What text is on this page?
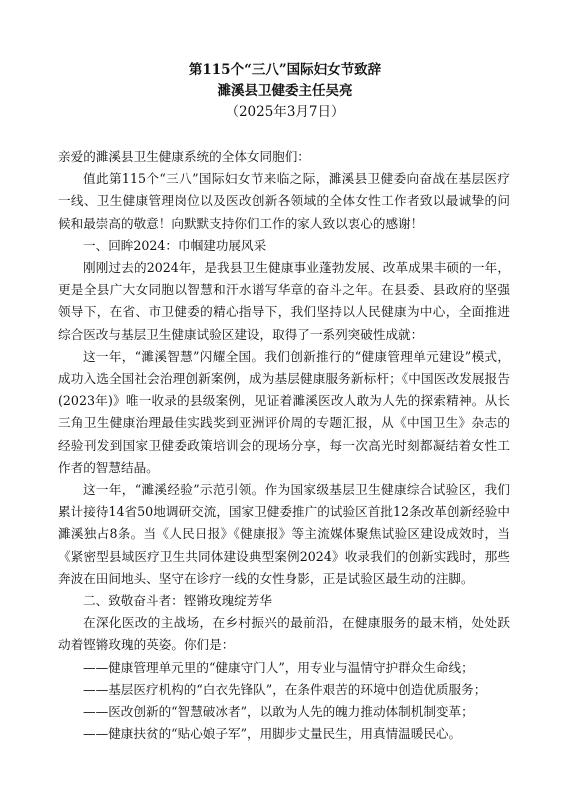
第115个“三八”国际妇女节致辞
濉溪县卫健委主任吴亮
（2025年3月7日）

亲爱的濉溪县卫生健康系统的全体女同胞们：

值此第115个“三八”国际妇女节来临之际，濉溪县卫健委向奋战在基层医疗一线、卫生健康管理岗位以及医改创新各领域的全体女性工作者致以最诚挚的问候和最崇高的敬意！向默默支持你们工作的家人致以衷心的感谢！

一、回眸2024：巾帼建功展风采

刚刚过去的2024年，是我县卫生健康事业蓬勃发展、改革成果丰硕的一年，更是全县广大女同胞以智慧和汗水谱写华章的奋斗之年。在县委、县政府的坚强领导下，在省、市卫健委的精心指导下，我们坚持以人民健康为中心，全面推进综合医改与基层卫生健康试验区建设，取得了一系列突破性成就：

这一年，“濉溪智慧”闪耀全国。我们创新推行的“健康管理单元建设”模式，成功入选全国社会治理创新案例，成为基层健康服务新标杆；《中国医改发展报告(2023年)》唯一收录的县级案例，见证着濉溪医改人敢为人先的探索精神。从长三角卫生健康治理最佳实践奖到亚洲评价周的专题汇报，从《中国卫生》杂志的经验刊发到国家卫健委政策培训会的现场分享，每一次高光时刻都凝结着女性工作者的智慧结晶。

这一年，“濉溪经验”示范引领。作为国家级基层卫生健康综合试验区，我们累计接待14省50地调研交流，国家卫健委推广的试验区首批12条改革创新经验中濉溪独占8条。当《人民日报》《健康报》等主流媒体聚焦试验区建设成效时，当《紧密型县域医疗卫生共同体建设典型案例2024》收录我们的创新实践时，那些奔波在田间地头、坚守在诊疗一线的女性身影，正是试验区最生动的注脚。

二、致敬奋斗者：铿锵玫瑰绽芳华

在深化医改的主战场，在乡村振兴的最前沿，在健康服务的最末梢，处处跃动着铿锵玫瑰的英姿。你们是：

——健康管理单元里的“健康守门人”，用专业与温情守护群众生命线；

——基层医疗机构的“白衣先锋队”，在条件艰苦的环境中创造优质服务；

——医改创新的“智慧破冰者”，以敢为人先的魄力推动体制机制变革；

——健康扶贫的“贴心娘子军”，用脚步丈量民生，用真情温暖民心。
